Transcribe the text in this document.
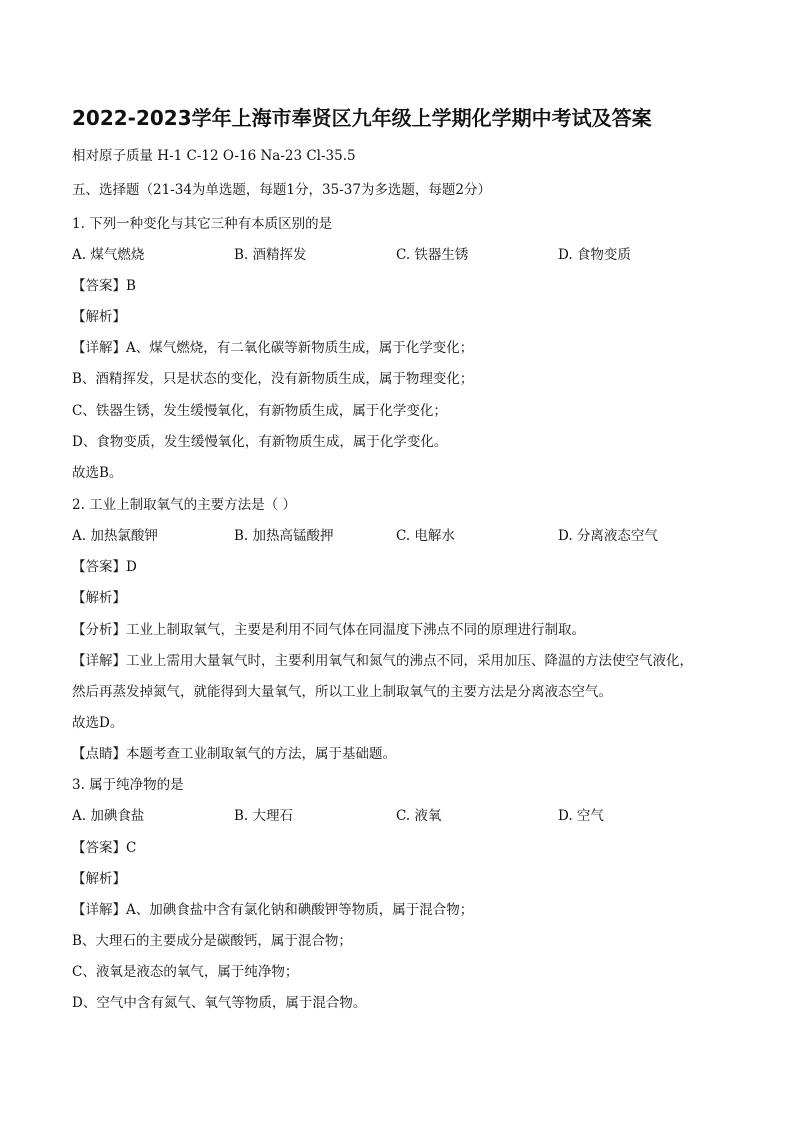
2022-2023学年上海市奉贤区九年级上学期化学期中考试及答案
相对原子质量 H-1 C-12 O-16 Na-23 Cl-35.5
五、选择题（21-34为单选题，每题1分，35-37为多选题，每题2分）
1. 下列一种变化与其它三种有本质区别的是
A. 煤气燃烧	B. 酒精挥发	C. 铁器生锈	D. 食物变质
【答案】B
【解析】
【详解】A、煤气燃烧，有二氧化碳等新物质生成，属于化学变化；
B、酒精挥发，只是状态的变化，没有新物质生成，属于物理变化；
C、铁器生锈，发生缓慢氧化，有新物质生成，属于化学变化；
D、食物变质，发生缓慢氧化，有新物质生成，属于化学变化。
故选B。
2. 工业上制取氧气的主要方法是（ ）
A. 加热氯酸钾	B. 加热高锰酸押	C. 电解水	D. 分离液态空气
【答案】D
【解析】
【分析】工业上制取氧气，主要是利用不同气体在同温度下沸点不同的原理进行制取。
【详解】工业上需用大量氧气时，主要利用氧气和氮气的沸点不同，采用加压、降温的方法使空气液化，
然后再蒸发掉氮气，就能得到大量氧气，所以工业上制取氧气的主要方法是分离液态空气。
故选D。
【点睛】本题考查工业制取氧气的方法，属于基础题。
3. 属于纯净物的是
A. 加碘食盐	B. 大理石	C. 液氧	D. 空气
【答案】C
【解析】
【详解】A、加碘食盐中含有氯化钠和碘酸钾等物质，属于混合物；
B、大理石的主要成分是碳酸钙，属于混合物；
C、液氧是液态的氧气，属于纯净物；
D、空气中含有氮气、氧气等物质，属于混合物。
